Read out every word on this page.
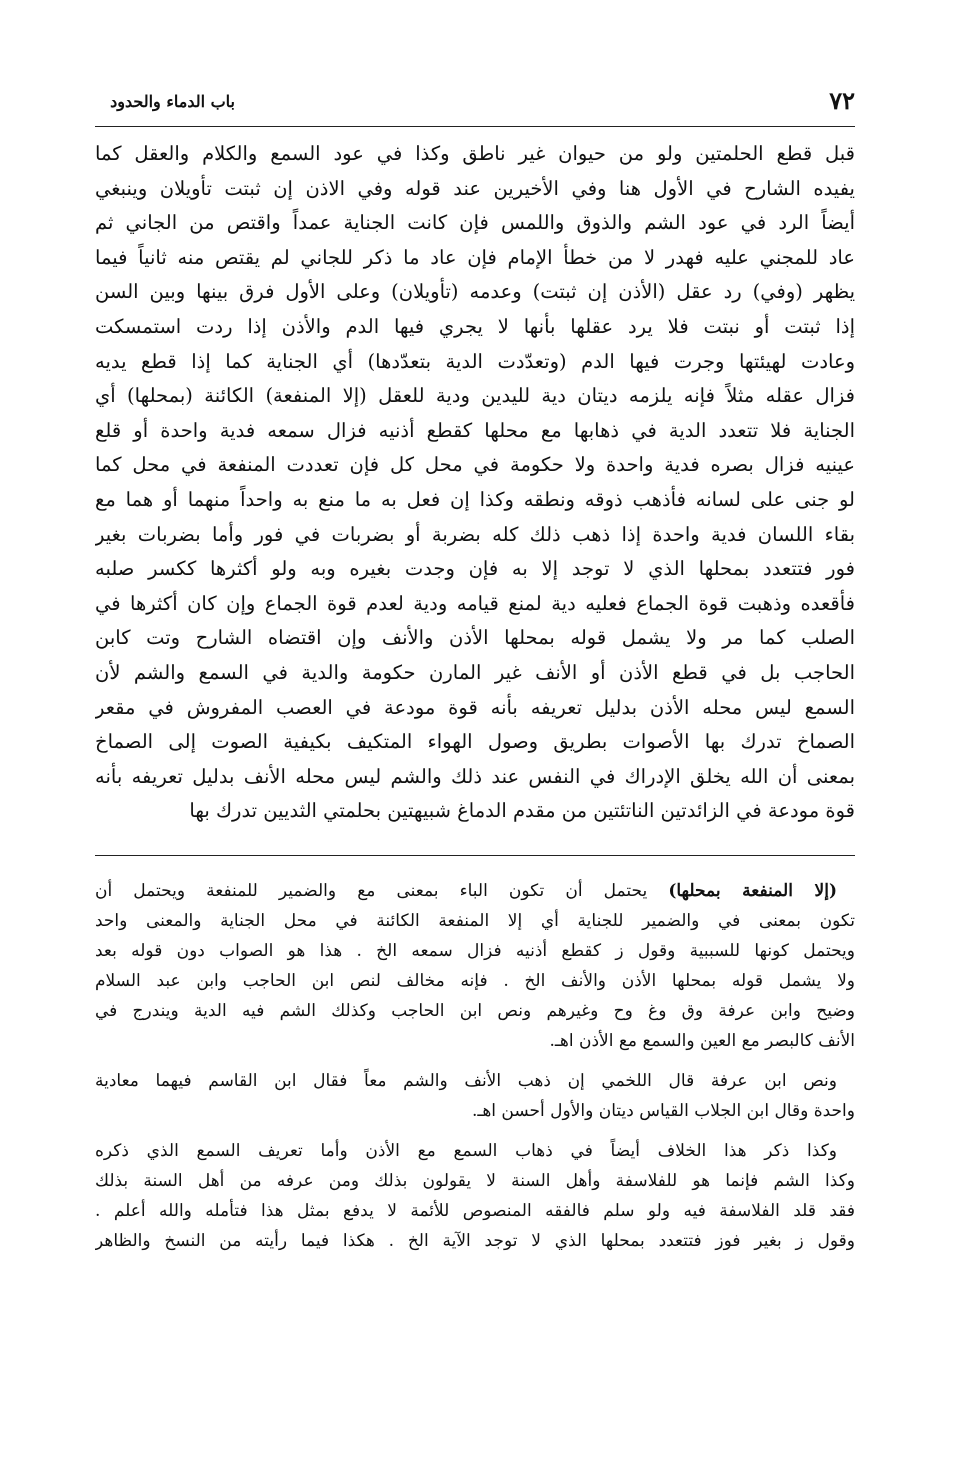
٧٢
باب الدماء والحدود
قبل قطع الحلمتين ولو من حيوان غير ناطق وكذا في عود السمع والكلام والعقل كما
يفيده الشارح في الأول هنا وفي الأخيرين عند قوله وفي الاذن إن ثبتت تأويلان وينبغي
أيضاً الرد في عود الشم والذوق واللمس فإن كانت الجناية عمداً واقتص من الجاني ثم
عاد للمجني عليه فهدر لا من خطأ الإمام فإن عاد ما ذكر للجاني لم يقتص منه ثانياً فيما
يظهر (وفي) رد عقل (الأذن إن ثبتت) وعدمه (تأويلان) وعلى الأول فرق بينها وبين السن
إذا ثبتت أو نبتت فلا يرد عقلها بأنها لا يجري فيها الدم والأذن إذا ردت استمسكت
وعادت لهيئتها وجرت فيها الدم (وتعدّدت الدية بتعدّدها) أي الجناية كما إذا قطع يديه
فزال عقله مثلاً فإنه يلزمه ديتان دية لليدين ودية للعقل (إلا المنفعة) الكائنة (بمحلها) أي
الجناية فلا تتعدد الدية في ذهابها مع محلها كقطع أذنيه فزال سمعه فدية واحدة أو قلع
عينيه فزال بصره فدية واحدة ولا حكومة في محل كل فإن تعددت المنفعة في محل كما
لو جنى على لسانه فأذهب ذوقه ونطقه وكذا إن فعل به ما منع به واحداً منهما أو هما مع
بقاء اللسان فدية واحدة إذا ذهب ذلك كله بضربة أو بضربات في فور وأما بضربات بغير
فور فتتعدد بمحلها الذي لا توجد إلا به فإن وجدت بغيره وبه ولو أكثرها ككسر صلبه
فأقعده وذهبت قوة الجماع فعليه دية لمنع قيامه ودية لعدم قوة الجماع وإن كان أكثرها في
الصلب كما مر ولا يشمل قوله بمحلها الأذن والأنف وإن اقتضاه الشارح وتت كابن
الحاجب بل في قطع الأذن أو الأنف غير المارن حكومة والدية في السمع والشم لأن
السمع ليس محله الأذن بدليل تعريفه بأنه قوة مودعة في العصب المفروش في مقعر
الصماخ تدرك بها الأصوات بطريق وصول الهواء المتكيف بكيفية الصوت إلى الصماخ
بمعنى أن الله يخلق الإدراك في النفس عند ذلك والشم ليس محله الأنف بدليل تعريفه بأنه
قوة مودعة في الزائدتين الناتئتين من مقدم الدماغ شبيهتين بحلمتي الثديين تدرك بها
(إلا المنفعة بمحلها) يحتمل أن تكون الباء بمعنى مع والضمير للمنفعة ويحتمل أن
تكون بمعنى في والضمير للجناية أي إلا المنفعة الكائنة في محل الجناية والمعنى واحد
ويحتمل كونها للسببية وقول ز كقطع أذنيه فزال سمعه الخ . هذا هو الصواب دون قوله بعد
ولا يشمل قوله بمحلها الأذن والأنف الخ . فإنه مخالف لنص ابن الحاجب وابن عبد السلام
وضيح وابن عرفة وق وغ وح وغيرهم ونص ابن الحاجب وكذلك الشم فيه الدية ويندرج في
الأنف كالبصر مع العين والسمع مع الأذن اهـ.
ونص ابن عرفة قال اللخمي إن ذهب الأنف والشم معاً فقال ابن القاسم فيهما معادية
واحدة وقال ابن الجلاب القياس ديتان والأول أحسن اهـ.
وكذا ذكر هذا الخلاف أيضاً في ذهاب السمع مع الأذن وأما تعريف السمع الذي ذكره
وكذا الشم فإنما هو للفلاسفة وأهل السنة لا يقولون بذلك ومن عرفه من أهل السنة بذلك
فقد قلد الفلاسفة فيه ولو سلم فالفقه المنصوص للأئمة لا يدفع بمثل هذا فتأمله والله أعلم .
وقول ز بغير فوز فتتعدد بمحلها الذي لا توجد الآية الخ . هكذا فيما رأيته من النسخ والظاهر
